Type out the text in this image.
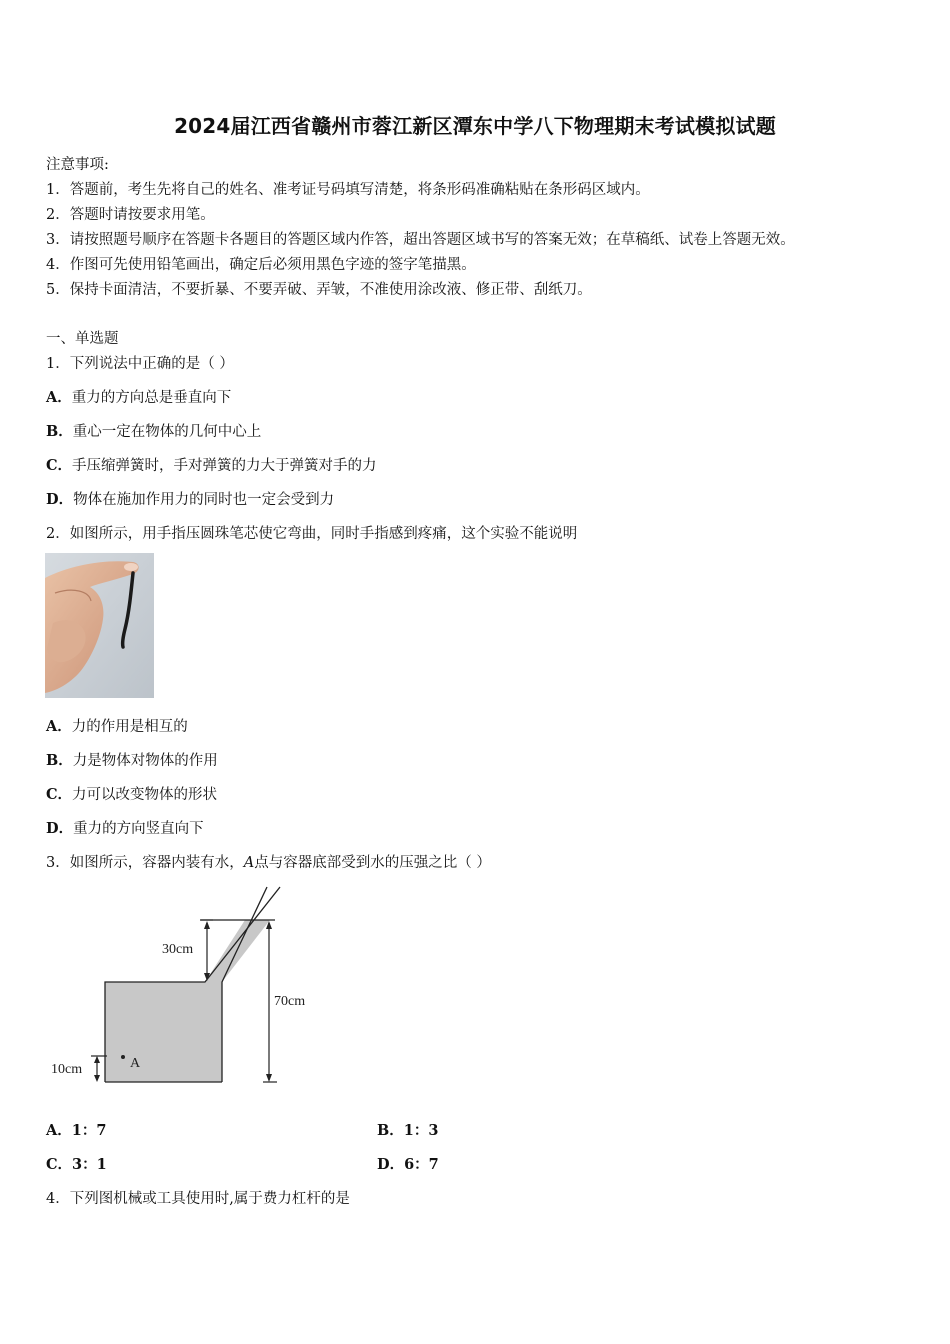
2024届江西省赣州市蓉江新区潭东中学八下物理期末考试模拟试题
注意事项:
1．答题前，考生先将自己的姓名、准考证号码填写清楚，将条形码准确粘贴在条形码区域内。
2．答题时请按要求用笔。
3．请按照题号顺序在答题卡各题目的答题区域内作答，超出答题区域书写的答案无效；在草稿纸、试卷上答题无效。
4．作图可先使用铅笔画出，确定后必须用黑色字迹的签字笔描黑。
5．保持卡面清洁，不要折暴、不要弄破、弄皱，不准使用涂改液、修正带、刮纸刀。
一、单选题
1．下列说法中正确的是（ ）
A．重力的方向总是垂直向下
B．重心一定在物体的几何中心上
C．手压缩弹簧时，手对弹簧的力大于弹簧对手的力
D．物体在施加作用力的同时也一定会受到力
2．如图所示，用手指压圆珠笔芯使它弯曲，同时手指感到疼痛，这个实验不能说明
A．力的作用是相互的
B．力是物体对物体的作用
C．力可以改变物体的形状
D．重力的方向竖直向下
3．如图所示，容器内装有水，A点与容器底部受到水的压强之比（ ）
30cm
70cm
10cm	A
A．1：7	B．1：3
C．3：1	D．6：7
4．下列图机械或工具使用时,属于费力杠杆的是
